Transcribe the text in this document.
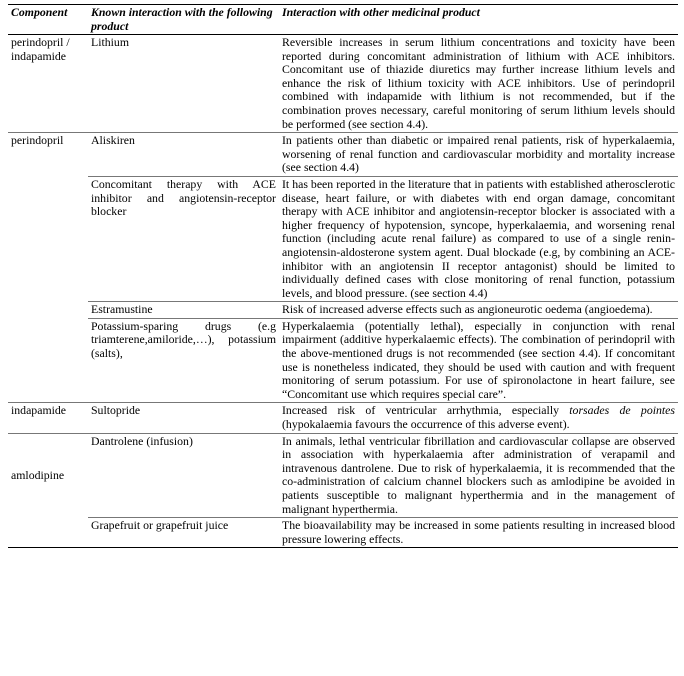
Component	Known interaction with the following product	Interaction with other medicinal product
perindopril / indapamide	Lithium	Reversible increases in serum lithium concentrations and toxicity have been reported during concomitant administration of lithium with ACE inhibitors. Concomitant use of thiazide diuretics may further increase lithium levels and enhance the risk of lithium toxicity with ACE inhibitors. Use of perindopril combined with indapamide with lithium is not recommended, but if the combination proves necessary, careful monitoring of serum lithium levels should be performed (see section 4.4).
perindopril	Aliskiren	In patients other than diabetic or impaired renal patients, risk of hyperkalaemia, worsening of renal function and cardiovascular morbidity and mortality increase (see section 4.4)
	Concomitant therapy with ACE inhibitor and angiotensin-receptor blocker	It has been reported in the literature that in patients with established atherosclerotic disease, heart failure, or with diabetes with end organ damage, concomitant therapy with ACE inhibitor and angiotensin-receptor blocker is associated with a higher frequency of hypotension, syncope, hyperkalaemia, and worsening renal function (including acute renal failure) as compared to use of a single renin-angiotensin-aldosterone system agent. Dual blockade (e.g, by combining an ACE-inhibitor with an angiotensin II receptor antagonist) should be limited to individually defined cases with close monitoring of renal function, potassium levels, and blood pressure. (see section 4.4)
	Estramustine	Risk of increased adverse effects such as angioneurotic oedema (angioedema).
	Potassium-sparing drugs (e.g triamterene,amiloride,…), potassium (salts),	Hyperkalaemia (potentially lethal), especially in conjunction with renal impairment (additive hyperkalaemic effects). The combination of perindopril with the above-mentioned drugs is not recommended (see section 4.4). If concomitant use is nonetheless indicated, they should be used with caution and with frequent monitoring of serum potassium. For use of spironolactone in heart failure, see “Concomitant use which requires special care”.
indapamide	Sultopride	Increased risk of ventricular arrhythmia, especially torsades de pointes (hypokalaemia favours the occurrence of this adverse event).
amlodipine	Dantrolene (infusion)	In animals, lethal ventricular fibrillation and cardiovascular collapse are observed in association with hyperkalaemia after administration of verapamil and intravenous dantrolene. Due to risk of hyperkalaemia, it is recommended that the co-administration of calcium channel blockers such as amlodipine be avoided in patients susceptible to malignant hyperthermia and in the management of malignant hyperthermia.
	Grapefruit or grapefruit juice	The bioavailability may be increased in some patients resulting in increased blood pressure lowering effects.
